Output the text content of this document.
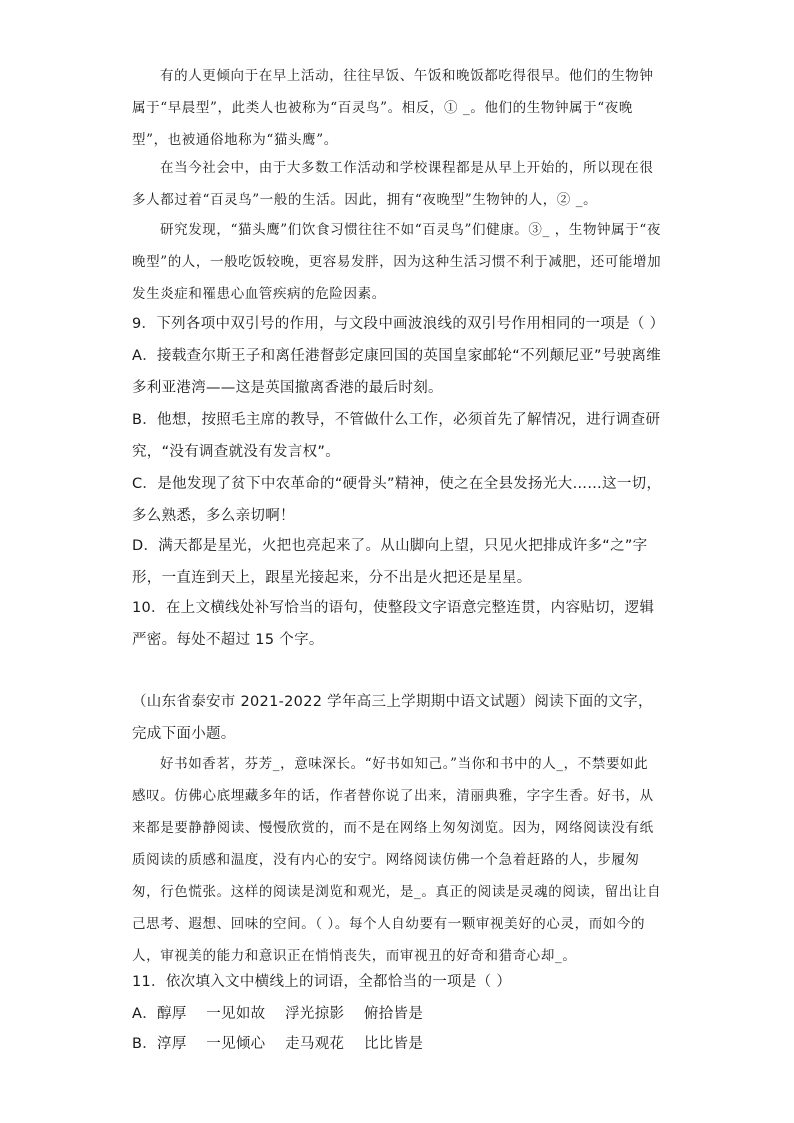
有的人更倾向于在早上活动，往往早饭、午饭和晚饭都吃得很早。他们的生物钟属于“早晨型”，此类人也被称为“百灵鸟”。相反，① _。他们的生物钟属于“夜晚型”，也被通俗地称为“猫头鹰”。

在当今社会中，由于大多数工作活动和学校课程都是从早上开始的，所以现在很多人都过着“百灵鸟”一般的生活。因此，拥有“夜晚型”生物钟的人，② _。

研究发现，“猫头鹰”们饮食习惯往往不如“百灵鸟”们健康。③_ ，生物钟属于“夜晚型”的人，一般吃饭较晚，更容易发胖，因为这种生活习惯不利于减肥，还可能增加发生炎症和罹患心血管疾病的危险因素。

9．下列各项中双引号的作用，与文段中画波浪线的双引号作用相同的一项是（ ）

A．接载查尔斯王子和离任港督彭定康回国的英国皇家邮轮“不列颠尼亚”号驶离维多利亚港湾——这是英国撤离香港的最后时刻。

B．他想，按照毛主席的教导，不管做什么工作，必须首先了解情况，进行调查研究，“没有调查就没有发言权”。

C．是他发现了贫下中农革命的“硬骨头”精神，使之在全县发扬光大……这一切，多么熟悉，多么亲切啊！

D．满天都是星光，火把也亮起来了。从山脚向上望，只见火把排成许多“之”字形，一直连到天上，跟星光接起来，分不出是火把还是星星。

10．在上文横线处补写恰当的语句，使整段文字语意完整连贯，内容贴切，逻辑严密。每处不超过 15 个字。

（山东省泰安市 2021-2022 学年高三上学期期中语文试题）阅读下面的文字，完成下面小题。

好书如香茗，芬芳_，意味深长。“好书如知己。”当你和书中的人_，不禁要如此感叹。仿佛心底埋藏多年的话，作者替你说了出来，清丽典雅，字字生香。好书，从来都是要静静阅读、慢慢欣赏的，而不是在网络上匆匆浏览。因为，网络阅读没有纸质阅读的质感和温度，没有内心的安宁。网络阅读仿佛一个急着赶路的人，步履匆匆，行色慌张。这样的阅读是浏览和观光，是_。真正的阅读是灵魂的阅读，留出让自己思考、遐想、回味的空间。（ ）。每个人自幼要有一颗审视美好的心灵，而如今的人，审视美的能力和意识正在悄悄丧失，而审视丑的好奇和猎奇心却_。

11．依次填入文中横线上的词语，全都恰当的一项是（ ）

A．醇厚    一见如故    浮光掠影    俯拾皆是

B．淳厚    一见倾心    走马观花    比比皆是
